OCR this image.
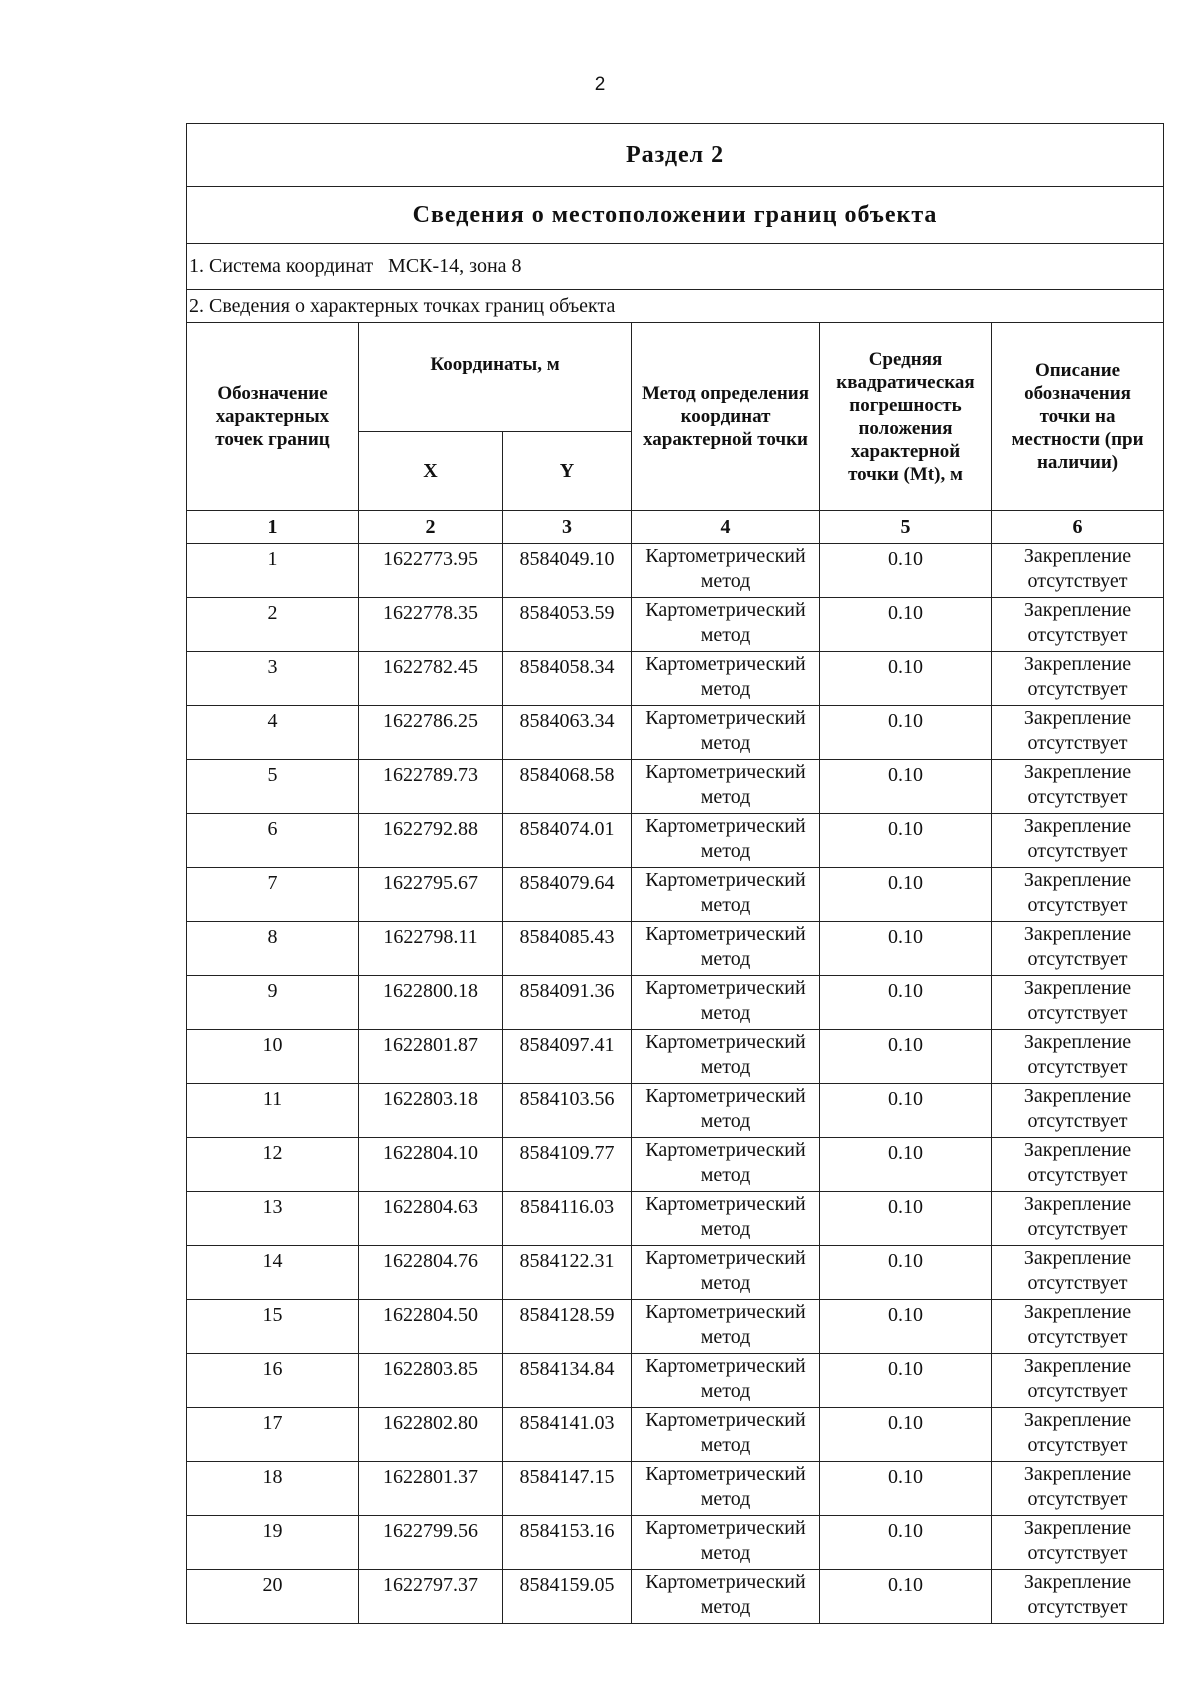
2
Раздел 2					
Сведения о местоположении границ объекта					
1. Система координат   МСК-14, зона 8					
2. Сведения о характерных точках границ объекта					
Обозначение характерных точек границ	Координаты, м		Метод определения координат характерной точки	Средняя квадратическая погрешность положения характерной точки (Mt), м	Описание обозначения точки на местности (при наличии)
	X	Y			
1	2	3	4	5	6
1	1622773.95	8584049.10	Картометрический метод	0.10	Закрепление отсутствует
2	1622778.35	8584053.59	Картометрический метод	0.10	Закрепление отсутствует
3	1622782.45	8584058.34	Картометрический метод	0.10	Закрепление отсутствует
4	1622786.25	8584063.34	Картометрический метод	0.10	Закрепление отсутствует
5	1622789.73	8584068.58	Картометрический метод	0.10	Закрепление отсутствует
6	1622792.88	8584074.01	Картометрический метод	0.10	Закрепление отсутствует
7	1622795.67	8584079.64	Картометрический метод	0.10	Закрепление отсутствует
8	1622798.11	8584085.43	Картометрический метод	0.10	Закрепление отсутствует
9	1622800.18	8584091.36	Картометрический метод	0.10	Закрепление отсутствует
10	1622801.87	8584097.41	Картометрический метод	0.10	Закрепление отсутствует
11	1622803.18	8584103.56	Картометрический метод	0.10	Закрепление отсутствует
12	1622804.10	8584109.77	Картометрический метод	0.10	Закрепление отсутствует
13	1622804.63	8584116.03	Картометрический метод	0.10	Закрепление отсутствует
14	1622804.76	8584122.31	Картометрический метод	0.10	Закрепление отсутствует
15	1622804.50	8584128.59	Картометрический метод	0.10	Закрепление отсутствует
16	1622803.85	8584134.84	Картометрический метод	0.10	Закрепление отсутствует
17	1622802.80	8584141.03	Картометрический метод	0.10	Закрепление отсутствует
18	1622801.37	8584147.15	Картометрический метод	0.10	Закрепление отсутствует
19	1622799.56	8584153.16	Картометрический метод	0.10	Закрепление отсутствует
20	1622797.37	8584159.05	Картометрический метод	0.10	Закрепление отсутствует
